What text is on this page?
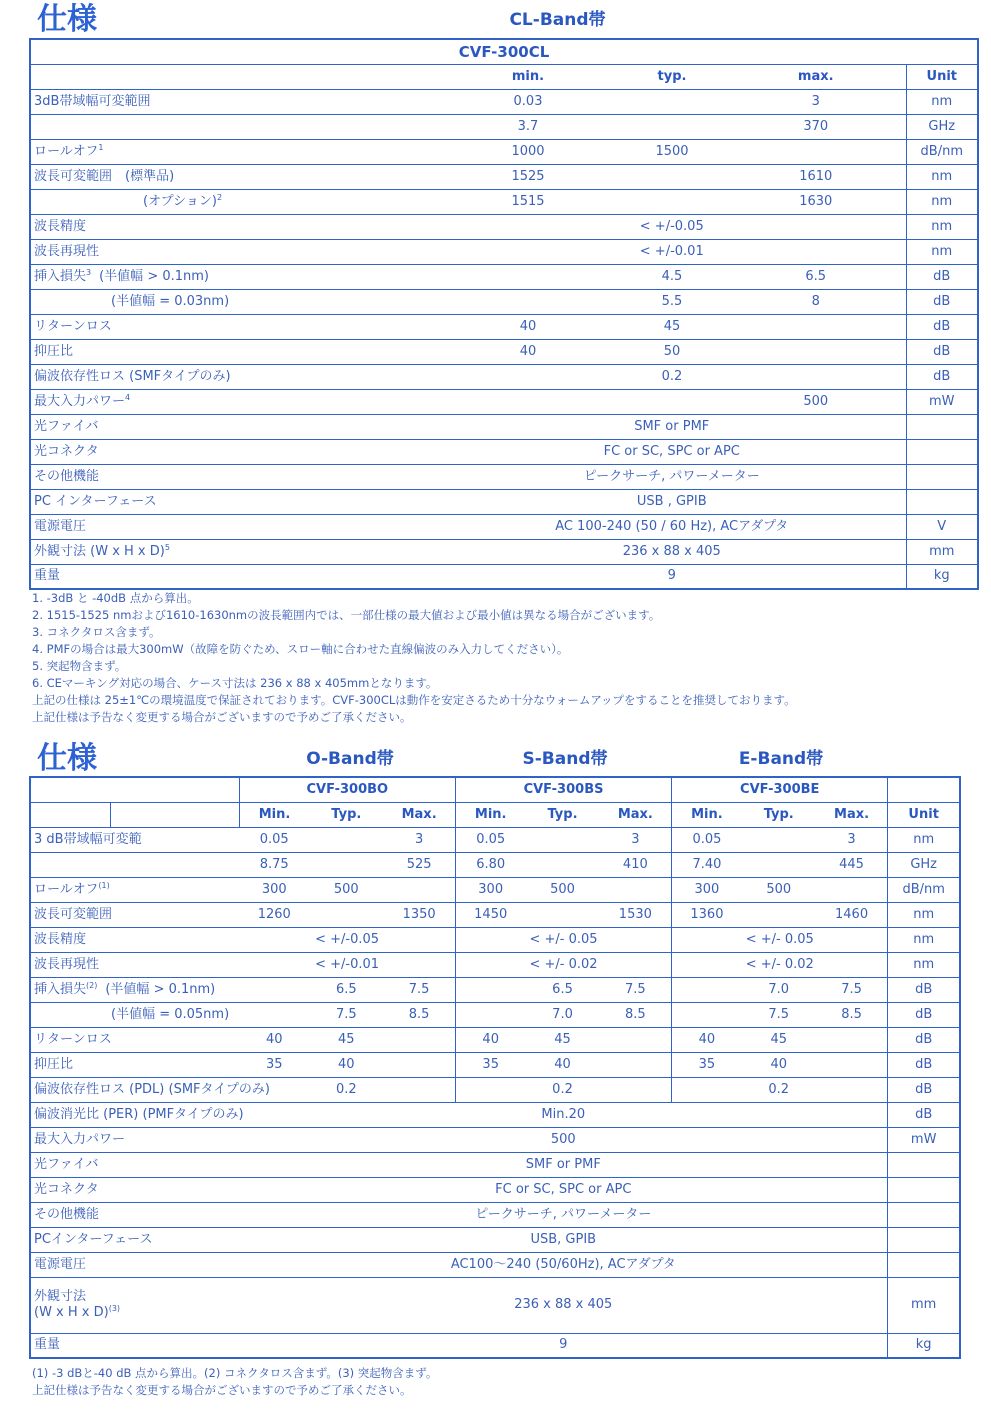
仕様	CL-Band帯
CVF-300CL				
	min.	typ.	max.	Unit
3dB帯域幅可変範囲	0.03		3	nm
	3.7		370	GHz
ロールオフ$^1$	1000	1500		dB/nm
波長可変範囲　(標準品)	1525		1610	nm
(オプション)$^2$	1515		1630	nm
波長精度	< +/-0.05			nm
波長再現性	< +/-0.01			nm
挿入損失$^3$ (半値幅 > 0.1nm)		4.5	6.5	dB
(半値幅 = 0.03nm)		5.5	8	dB
リターンロス	40	45		dB
抑圧比	40	50		dB
偏波依存性ロス (SMFタイプのみ)		0.2		dB
最大入力パワー$^4$			500	mW
光ファイバ	SMF or PMF			
光コネクタ	FC or SC, SPC or APC			
その他機能	ピークサーチ, パワーメーター			
PC インターフェース	USB , GPIB			
電源電圧	AC 100-240 (50 / 60 Hz), ACアダプタ			V
外観寸法 (W x H x D)$^5$	236 x 88 x 405			mm
重量	9			kg
1. -3dB と -40dB 点から算出。
2. 1515-1525 nmおよび1610-1630nmの波長範囲内では、一部仕様の最大値および最小値は異なる場合がございます。
3. コネクタロス含まず。
4. PMFの場合は最大300mW（故障を防ぐため、スロー軸に合わせた直線偏波のみ入力してください）。
5. 突起物含まず。
6. CEマーキング対応の場合、ケース寸法は 236 x 88 x 405mmとなります。
上記の仕様は 25±1℃の環境温度で保証されております。CVF-300CLは動作を安定さるため十分なウォームアップをすることを推奨しております。
上記仕様は予告なく変更する場合がございますので予めご了承ください。
仕様	O-Band帯	S-Band帯	E-Band帯
		CVF-300BO			CVF-300BS			CVF-300BE			
		Min.	Typ.	Max.	Min.	Typ.	Max.	Min.	Typ.	Max.	Unit
3 dB帯域幅可変範		0.05		3	0.05		3	0.05		3	nm
		8.75		525	6.80		410	7.40		445	GHz
ロールオフ$^{(1)}$		300	500		300	500		300	500		dB/nm
波長可変範囲		1260		1350	1450		1530	1360		1460	nm
波長精度		< +/-0.05			< +/- 0.05			< +/- 0.05			nm
波長再現性		< +/-0.01			< +/- 0.02			< +/- 0.02			nm
挿入損失$^{(2)}$ (半値幅 > 0.1nm)			6.5	7.5		6.5	7.5		7.0	7.5	dB
(半値幅 = 0.05nm)			7.5	8.5		7.0	8.5		7.5	8.5	dB
リターンロス		40	45		40	45		40	45		dB
抑圧比		35	40		35	40		35	40		dB
偏波依存性ロス (PDL) (SMFタイプのみ)			0.2			0.2			0.2		dB
偏波消光比 (PER) (PMFタイプのみ)		Min.20									dB
最大入力パワー		500									mW
光ファイバ		SMF or PMF									
光コネクタ		FC or SC, SPC or APC									
その他機能		ピークサーチ, パワーメーター									
PCインターフェース		USB, GPIB									
電源電圧		AC100～240 (50/60Hz), ACアダプタ									
外観寸法
(W x H x D)$^{(3)}$		236 x 88 x 405									mm
重量		9									kg
(1) -3 dBと-40 dB 点から算出。(2) コネクタロス含まず。(3) 突起物含まず。
上記仕様は予告なく変更する場合がございますので予めご了承ください。
